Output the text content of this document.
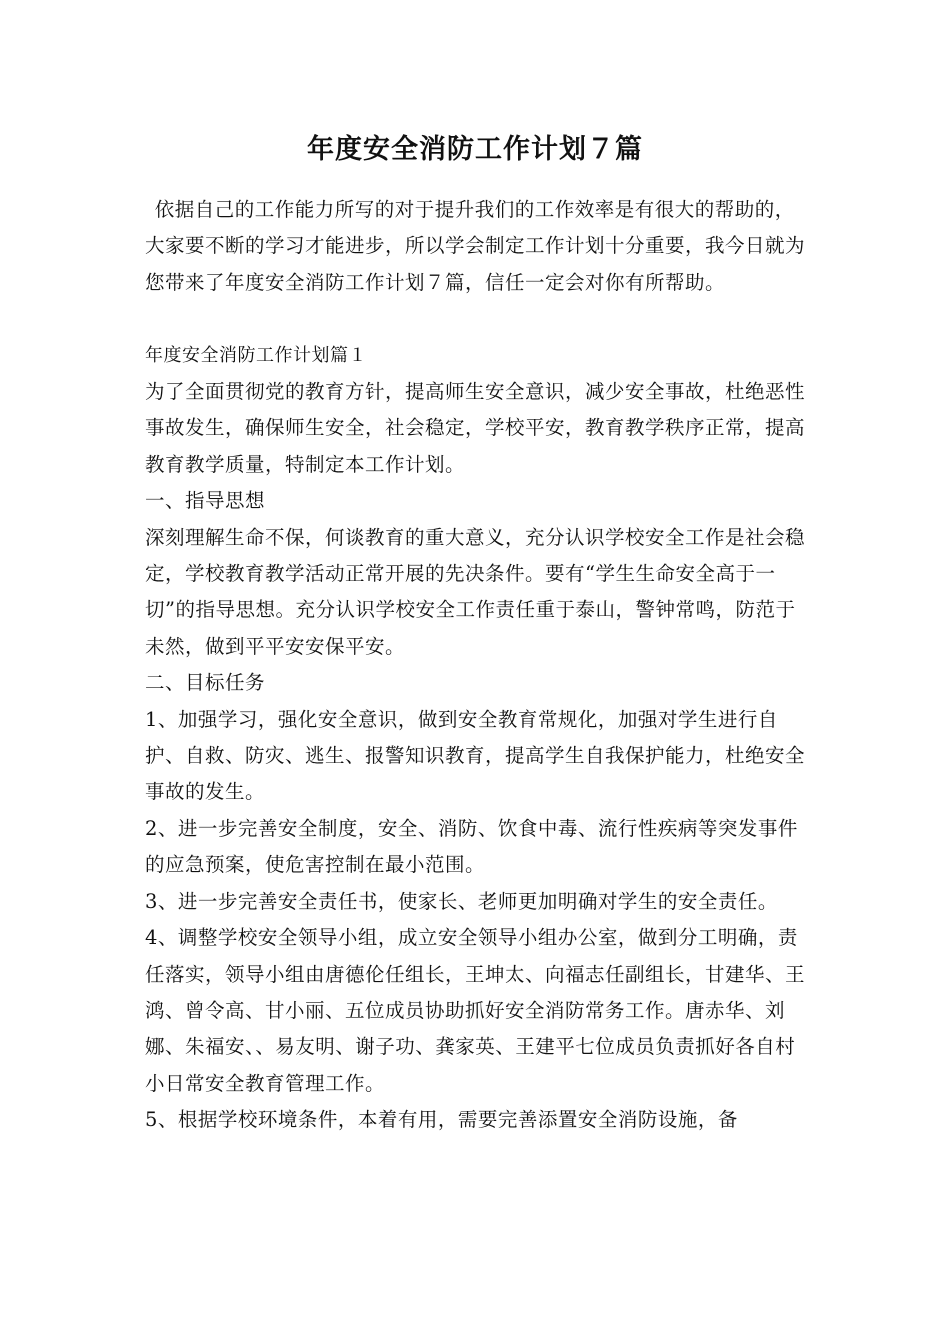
年度安全消防工作计划７篇

依据自己的工作能力所写的对于提升我们的工作效率是有很大的帮助的，大家要不断的学习才能进步，所以学会制定工作计划十分重要，我今日就为您带来了年度安全消防工作计划７篇，信任一定会对你有所帮助。

年度安全消防工作计划篇１

为了全面贯彻党的教育方针，提高师生安全意识，减少安全事故，杜绝恶性事故发生，确保师生安全，社会稳定，学校平安，教育教学秩序正常，提高教育教学质量，特制定本工作计划。

一、指导思想

深刻理解生命不保，何谈教育的重大意义，充分认识学校安全工作是社会稳定，学校教育教学活动正常开展的先决条件。要有“学生生命安全高于一切”的指导思想。充分认识学校安全工作责任重于泰山，警钟常鸣，防范于未然，做到平平安安保平安。

二、目标任务

1、加强学习，强化安全意识，做到安全教育常规化，加强对学生进行自护、自救、防灾、逃生、报警知识教育，提高学生自我保护能力，杜绝安全事故的发生。

2、进一步完善安全制度，安全、消防、饮食中毒、流行性疾病等突发事件的应急预案，使危害控制在最小范围。

3、进一步完善安全责任书，使家长、老师更加明确对学生的安全责任。

4、调整学校安全领导小组，成立安全领导小组办公室，做到分工明确，责任落实，领导小组由唐德伦任组长，王坤太、向福志任副组长，甘建华、王鸿、曾令高、甘小丽、五位成员协助抓好安全消防常务工作。唐赤华、刘娜、朱福安、、易友明、谢子功、龚家英、王建平七位成员负责抓好各自村小日常安全教育管理工作。

5、根据学校环境条件，本着有用，需要完善添置安全消防设施，备
